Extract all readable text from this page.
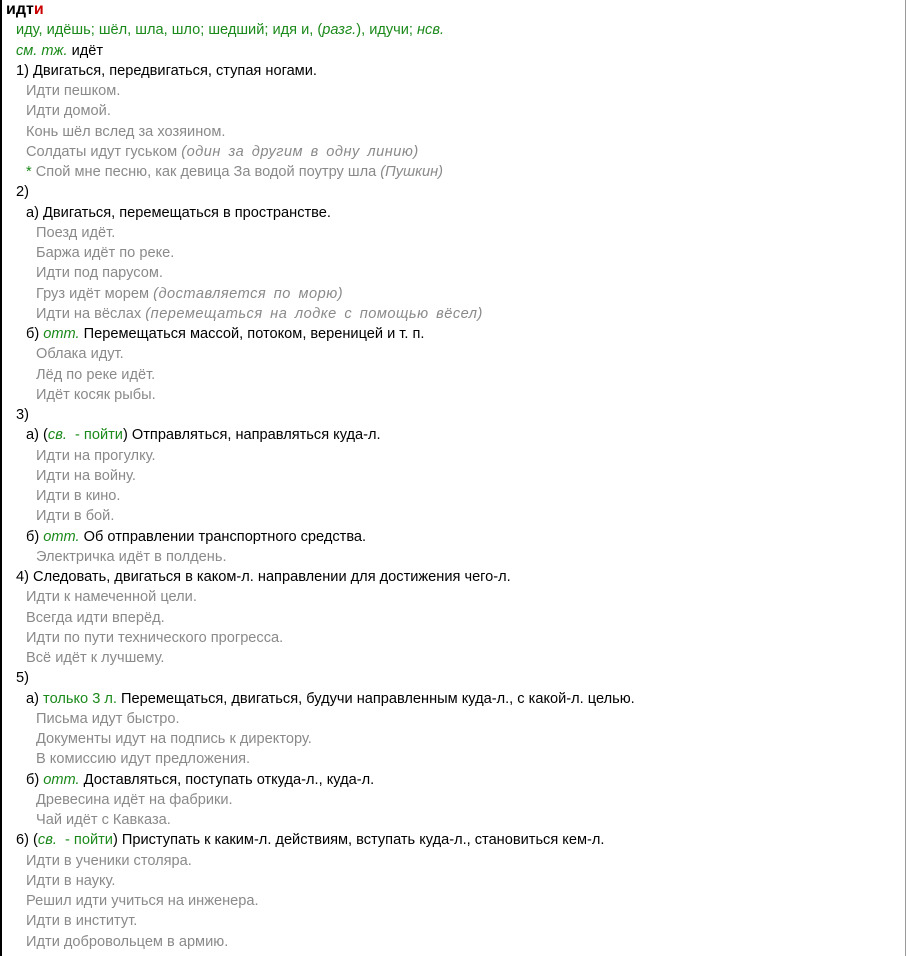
идти
иду, идёшь; шёл, шла, шло; шедший; идя и, (разг.), идучи; нсв.
см. тж. идёт
1) Двигаться, передвигаться, ступая ногами.
Идти пешком.
Идти домой.
Конь шёл вслед за хозяином.
Солдаты идут гуськом (один за другим в одну линию)
* Спой мне песню, как девица За водой поутру шла (Пушкин)
2)
а) Двигаться, перемещаться в пространстве.
Поезд идёт.
Баржа идёт по реке.
Идти под парусом.
Груз идёт морем (доставляется по морю)
Идти на вёслах (перемещаться на лодке с помощью вёсел)
б) отт. Перемещаться массой, потоком, вереницей и т. п.
Облака идут.
Лёд по реке идёт.
Идёт косяк рыбы.
3)
а) (св. - пойти) Отправляться, направляться куда-л.
Идти на прогулку.
Идти на войну.
Идти в кино.
Идти в бой.
б) отт. Об отправлении транспортного средства.
Электричка идёт в полдень.
4) Следовать, двигаться в каком-л. направлении для достижения чего-л.
Идти к намеченной цели.
Всегда идти вперёд.
Идти по пути технического прогресса.
Всё идёт к лучшему.
5)
а) только 3 л. Перемещаться, двигаться, будучи направленным куда-л., с какой-л. целью.
Письма идут быстро.
Документы идут на подпись к директору.
В комиссию идут предложения.
б) отт. Доставляться, поступать откуда-л., куда-л.
Древесина идёт на фабрики.
Чай идёт с Кавказа.
6) (св. - пойти) Приступать к каким-л. действиям, вступать куда-л., становиться кем-л.
Идти в ученики столяра.
Идти в науку.
Решил идти учиться на инженера.
Идти в институт.
Идти добровольцем в армию.
